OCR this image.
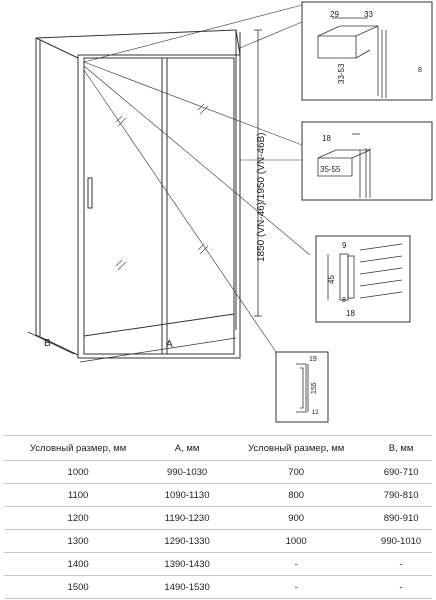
1850 (VN-46)/1950 (VN-46B)
A
B
29	33
33-53	8
18
35-55
9
45
8
18
19
155
12
Условный размер, мм	А, мм	Условный размер, мм	В, мм
1000	990-1030	700	690-710
1100	1090-1130	800	790-810
1200	1190-1230	900	890-910
1300	1290-1330	1000	990-1010
1400	1390-1430	-	-
1500	1490-1530	-	-
